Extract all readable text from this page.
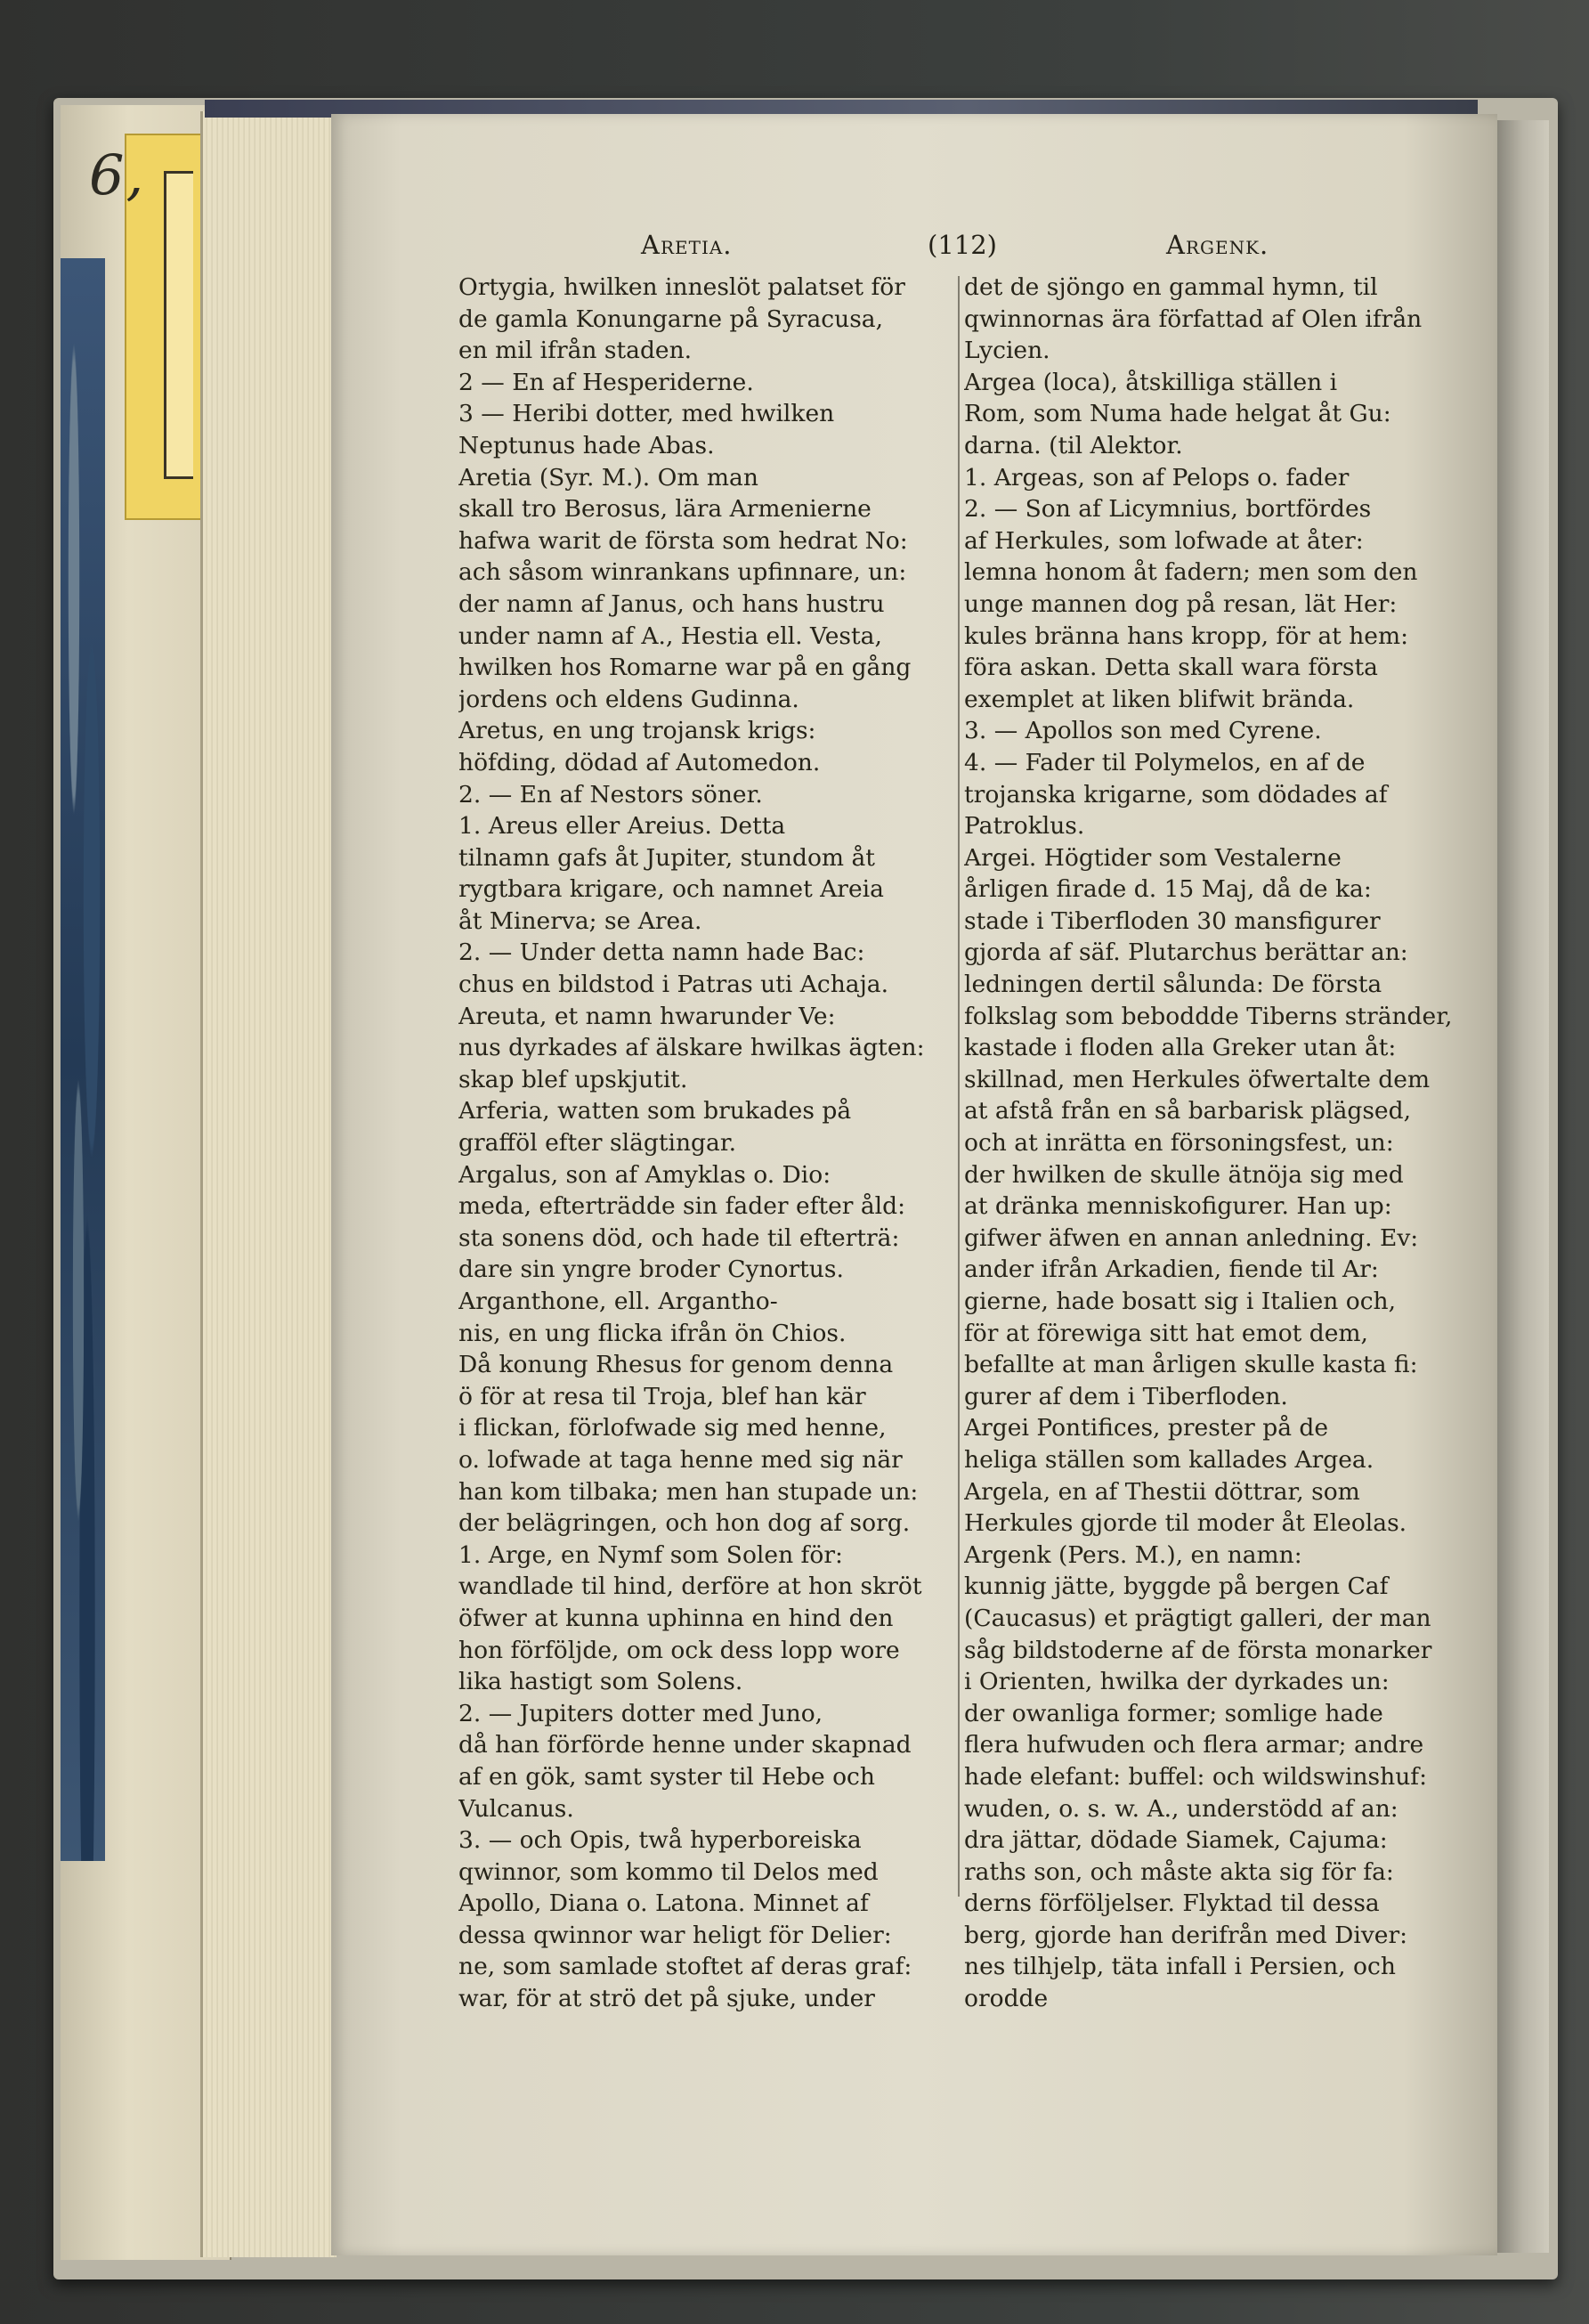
6,
Aretia.	(112)	Argenk.
Ortygia, hwilken inneslöt palatset för
de gamla Konungarne på Syracusa,
en mil ifrån staden.
2 — En af Hesperiderne.
3 — Heribi dotter, med hwilken
Neptunus hade Abas.
Aretia (Syr. M.). Om man
skall tro Berosus, lära Armenierne
hafwa warit de första som hedrat No:
ach såsom winrankans upfinnare, un:
der namn af Janus, och hans hustru
under namn af A., Hestia ell. Vesta,
hwilken hos Romarne war på en gång
jordens och eldens Gudinna.
Aretus, en ung trojansk krigs:
höfding, dödad af Automedon.
2. — En af Nestors söner.
1. Areus eller Areius. Detta
tilnamn gafs åt Jupiter, stundom åt
rygtbara krigare, och namnet Areia
åt Minerva; se Area.
2. — Under detta namn hade Bac:
chus en bildstod i Patras uti Achaja.
Areuta, et namn hwarunder Ve:
nus dyrkades af älskare hwilkas ägten:
skap blef upskjutit.
Arferia, watten som brukades på
grafföl efter slägtingar.
Argalus, son af Amyklas o. Dio:
meda, efterträdde sin fader efter åld:
sta sonens död, och hade til efterträ:
dare sin yngre broder Cynortus.
Arganthone, ell. Argantho-
nis, en ung flicka ifrån ön Chios.
Då konung Rhesus for genom denna
ö för at resa til Troja, blef han kär
i flickan, förlofwade sig med henne,
o. lofwade at taga henne med sig när
han kom tilbaka; men han stupade un:
der belägringen, och hon dog af sorg.
1. Arge, en Nymf som Solen för:
wandlade til hind, derföre at hon skröt
öfwer at kunna uphinna en hind den
hon förföljde, om ock dess lopp wore
lika hastigt som Solens.
2. — Jupiters dotter med Juno,
då han förförde henne under skapnad
af en gök, samt syster til Hebe och
Vulcanus.
3. — och Opis, twå hyperboreiska
qwinnor, som kommo til Delos med
Apollo, Diana o. Latona. Minnet af
dessa qwinnor war heligt för Delier:
ne, som samlade stoftet af deras graf:
war, för at strö det på sjuke, under
det de sjöngo en gammal hymn, til
qwinnornas ära författad af Olen ifrån
Lycien.
Argea (loca), åtskilliga ställen i
Rom, som Numa hade helgat åt Gu:
darna. (til Alektor.
1. Argeas, son af Pelops o. fader
2. — Son af Licymnius, bortfördes
af Herkules, som lofwade at åter:
lemna honom åt fadern; men som den
unge mannen dog på resan, lät Her:
kules bränna hans kropp, för at hem:
föra askan. Detta skall wara första
exemplet at liken blifwit brända.
3. — Apollos son med Cyrene.
4. — Fader til Polymelos, en af de
trojanska krigarne, som dödades af
Patroklus.
Argei. Högtider som Vestalerne
årligen firade d. 15 Maj, då de ka:
stade i Tiberfloden 30 mansfigurer
gjorda af säf. Plutarchus berättar an:
ledningen dertil sålunda: De första
folkslag som beboddde Tiberns stränder,
kastade i floden alla Greker utan åt:
skillnad, men Herkules öfwertalte dem
at afstå från en så barbarisk plägsed,
och at inrätta en försoningsfest, un:
der hwilken de skulle ätnöja sig med
at dränka menniskofigurer. Han up:
gifwer äfwen en annan anledning. Ev:
ander ifrån Arkadien, fiende til Ar:
gierne, hade bosatt sig i Italien och,
för at förewiga sitt hat emot dem,
befallte at man årligen skulle kasta fi:
gurer af dem i Tiberfloden.
Argei Pontifices, prester på de
heliga ställen som kallades Argea.
Argela, en af Thestii döttrar, som
Herkules gjorde til moder åt Eleolas.
Argenk (Pers. M.), en namn:
kunnig jätte, byggde på bergen Caf
(Caucasus) et prägtigt galleri, der man
såg bildstoderne af de första monarker
i Orienten, hwilka der dyrkades un:
der owanliga former; somlige hade
flera hufwuden och flera armar; andre
hade elefant: buffel: och wildswinshuf:
wuden, o. s. w. A., understödd af an:
dra jättar, dödade Siamek, Cajuma:
raths son, och måste akta sig för fa:
derns förföljelser. Flyktad til dessa
berg, gjorde han derifrån med Diver:
nes tilhjelp, täta infall i Persien, och
orodde
